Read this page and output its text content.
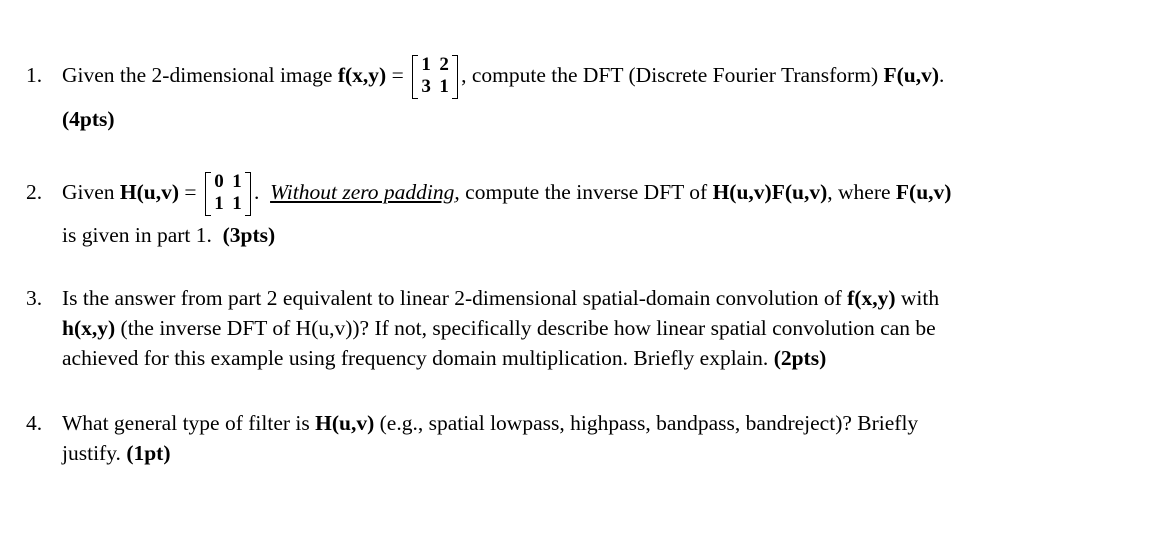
1. Given the 2-dimensional image f(x,y) = 1 2
3 1 , compute the DFT (Discrete Fourier Transform) F(u,v).
(4pts)
2. Given H(u,v) = 0 1
1 1 . Without zero padding, compute the inverse DFT of H(u,v)F(u,v), where F(u,v)
is given in part 1. (3pts)
3. Is the answer from part 2 equivalent to linear 2-dimensional spatial-domain convolution of f(x,y) with
h(x,y) (the inverse DFT of H(u,v))? If not, specifically describe how linear spatial convolution can be
achieved for this example using frequency domain multiplication. Briefly explain. (2pts)
4. What general type of filter is H(u,v) (e.g., spatial lowpass, highpass, bandpass, bandreject)? Briefly
justify. (1pt)
